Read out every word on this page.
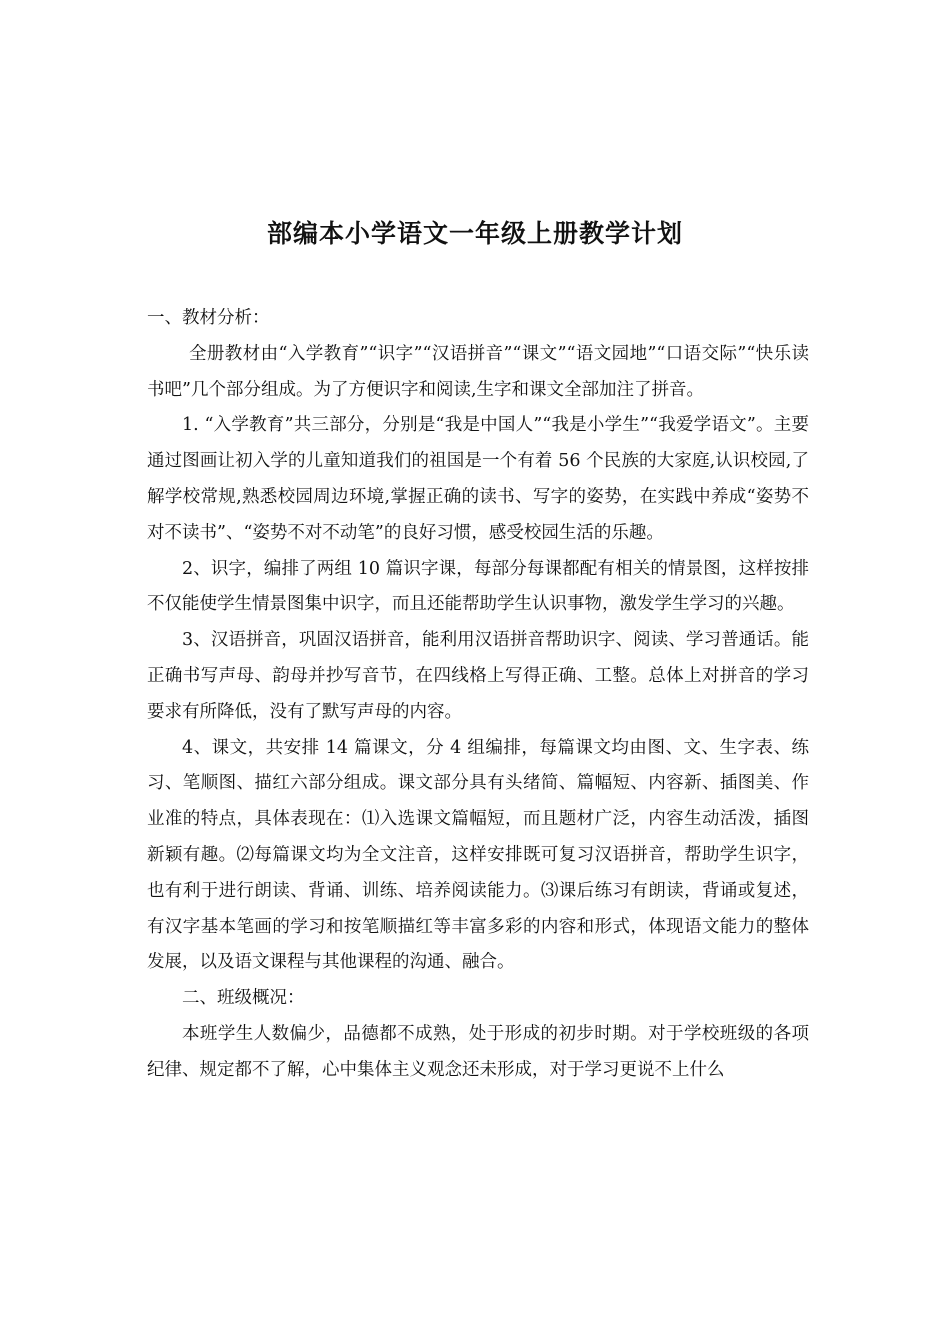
部编本小学语文一年级上册教学计划

一、教材分析：

全册教材由“入学教育”“识字”“汉语拼音”“课文”“语文园地”“口语交际”“快乐读书吧”几个部分组成。为了方便识字和阅读,生字和课文全部加注了拼音。

1. “入学教育”共三部分，分别是“我是中国人”“我是小学生”“我爱学语文”。主要通过图画让初入学的儿童知道我们的祖国是一个有着 56 个民族的大家庭,认识校园,了解学校常规,熟悉校园周边环境,掌握正确的读书、写字的姿势，在实践中养成“姿势不对不读书”、“姿势不对不动笔”的良好习惯，感受校园生活的乐趣。

2、识字，编排了两组 10 篇识字课，每部分每课都配有相关的情景图，这样按排不仅能使学生情景图集中识字，而且还能帮助学生认识事物，激发学生学习的兴趣。

3、汉语拼音，巩固汉语拼音，能利用汉语拼音帮助识字、阅读、学习普通话。能正确书写声母、韵母并抄写音节，在四线格上写得正确、工整。总体上对拼音的学习要求有所降低，没有了默写声母的内容。

4、课文，共安排 14 篇课文，分 4 组编排，每篇课文均由图、文、生字表、练习、笔顺图、描红六部分组成。课文部分具有头绪简、篇幅短、内容新、插图美、作业准的特点，具体表现在：⑴入选课文篇幅短，而且题材广泛，内容生动活泼，插图新颖有趣。⑵每篇课文均为全文注音，这样安排既可复习汉语拼音，帮助学生识字，也有利于进行朗读、背诵、训练、培养阅读能力。⑶课后练习有朗读，背诵或复述，有汉字基本笔画的学习和按笔顺描红等丰富多彩的内容和形式，体现语文能力的整体发展，以及语文课程与其他课程的沟通、融合。

二、班级概况：

本班学生人数偏少，品德都不成熟，处于形成的初步时期。对于学校班级的各项纪律、规定都不了解，心中集体主义观念还未形成，对于学习更说不上什么
